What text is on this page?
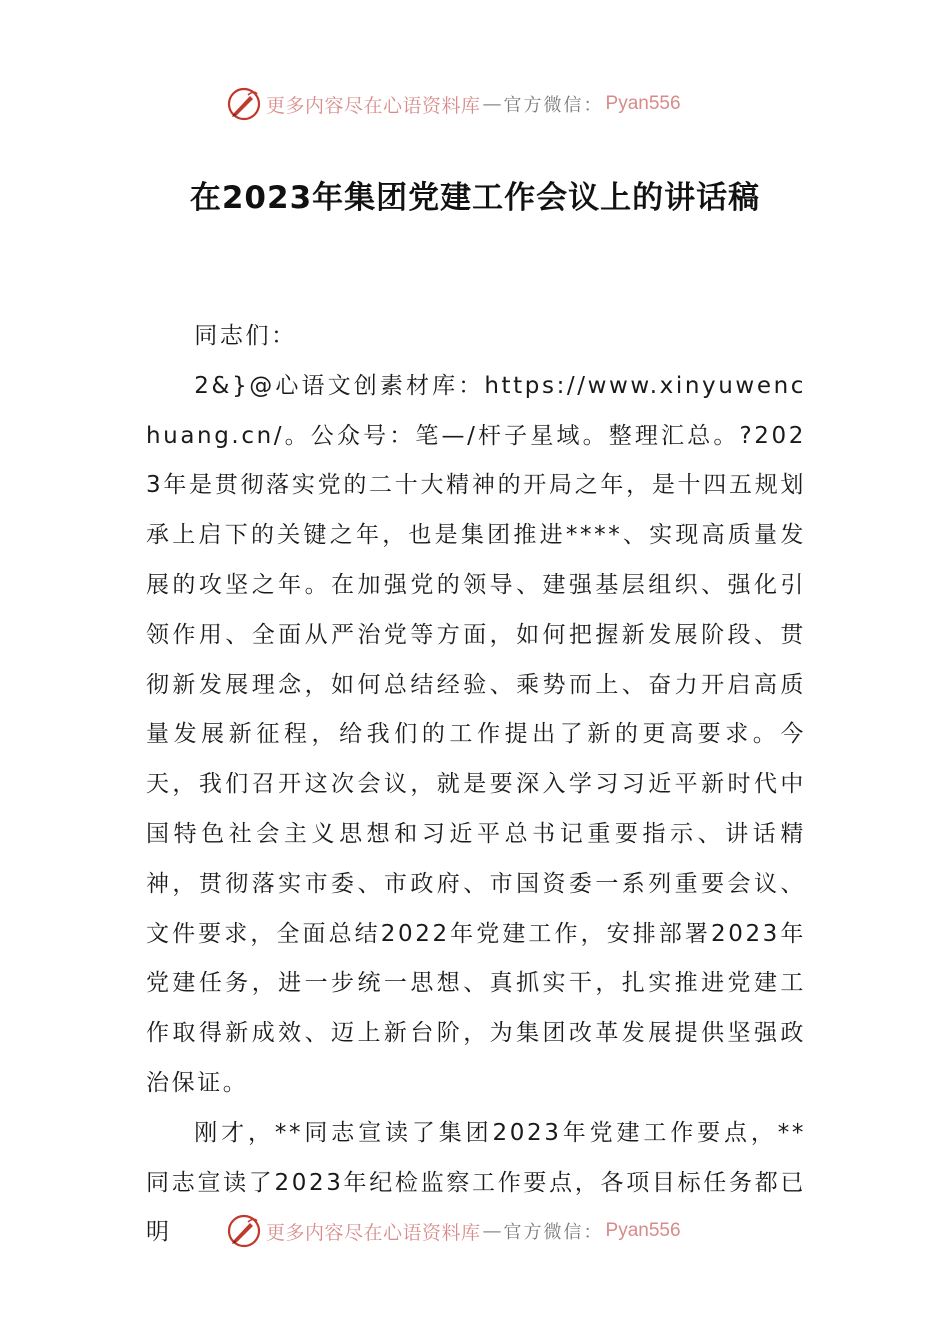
更多内容尽在心语资料库 — 官方微信： Pyan556
在2023年集团党建工作会议上的讲话稿

同志们：

2&}@心语文创素材库：https://www.xinyuwenchuang.cn/。公众号：笔—/杆子星域。整理汇总。?2023年是贯彻落实党的二十大精神的开局之年，是十四五规划承上启下的关键之年，也是集团推进****、实现高质量发展的攻坚之年。在加强党的领导、建强基层组织、强化引领作用、全面从严治党等方面，如何把握新发展阶段、贯彻新发展理念，如何总结经验、乘势而上、奋力开启高质量发展新征程，给我们的工作提出了新的更高要求。今天，我们召开这次会议，就是要深入学习习近平新时代中国特色社会主义思想和习近平总书记重要指示、讲话精神，贯彻落实市委、市政府、市国资委一系列重要会议、文件要求，全面总结2022年党建工作，安排部署2023年党建任务，进一步统一思想、真抓实干，扎实推进党建工作取得新成效、迈上新台阶，为集团改革发展提供坚强政治保证。

刚才，**同志宣读了集团2023年党建工作要点，**同志宣读了2023年纪检监察工作要点，各项目标任务都已明	更多内容尽在心语资料库 — 官方微信： Pyan556
